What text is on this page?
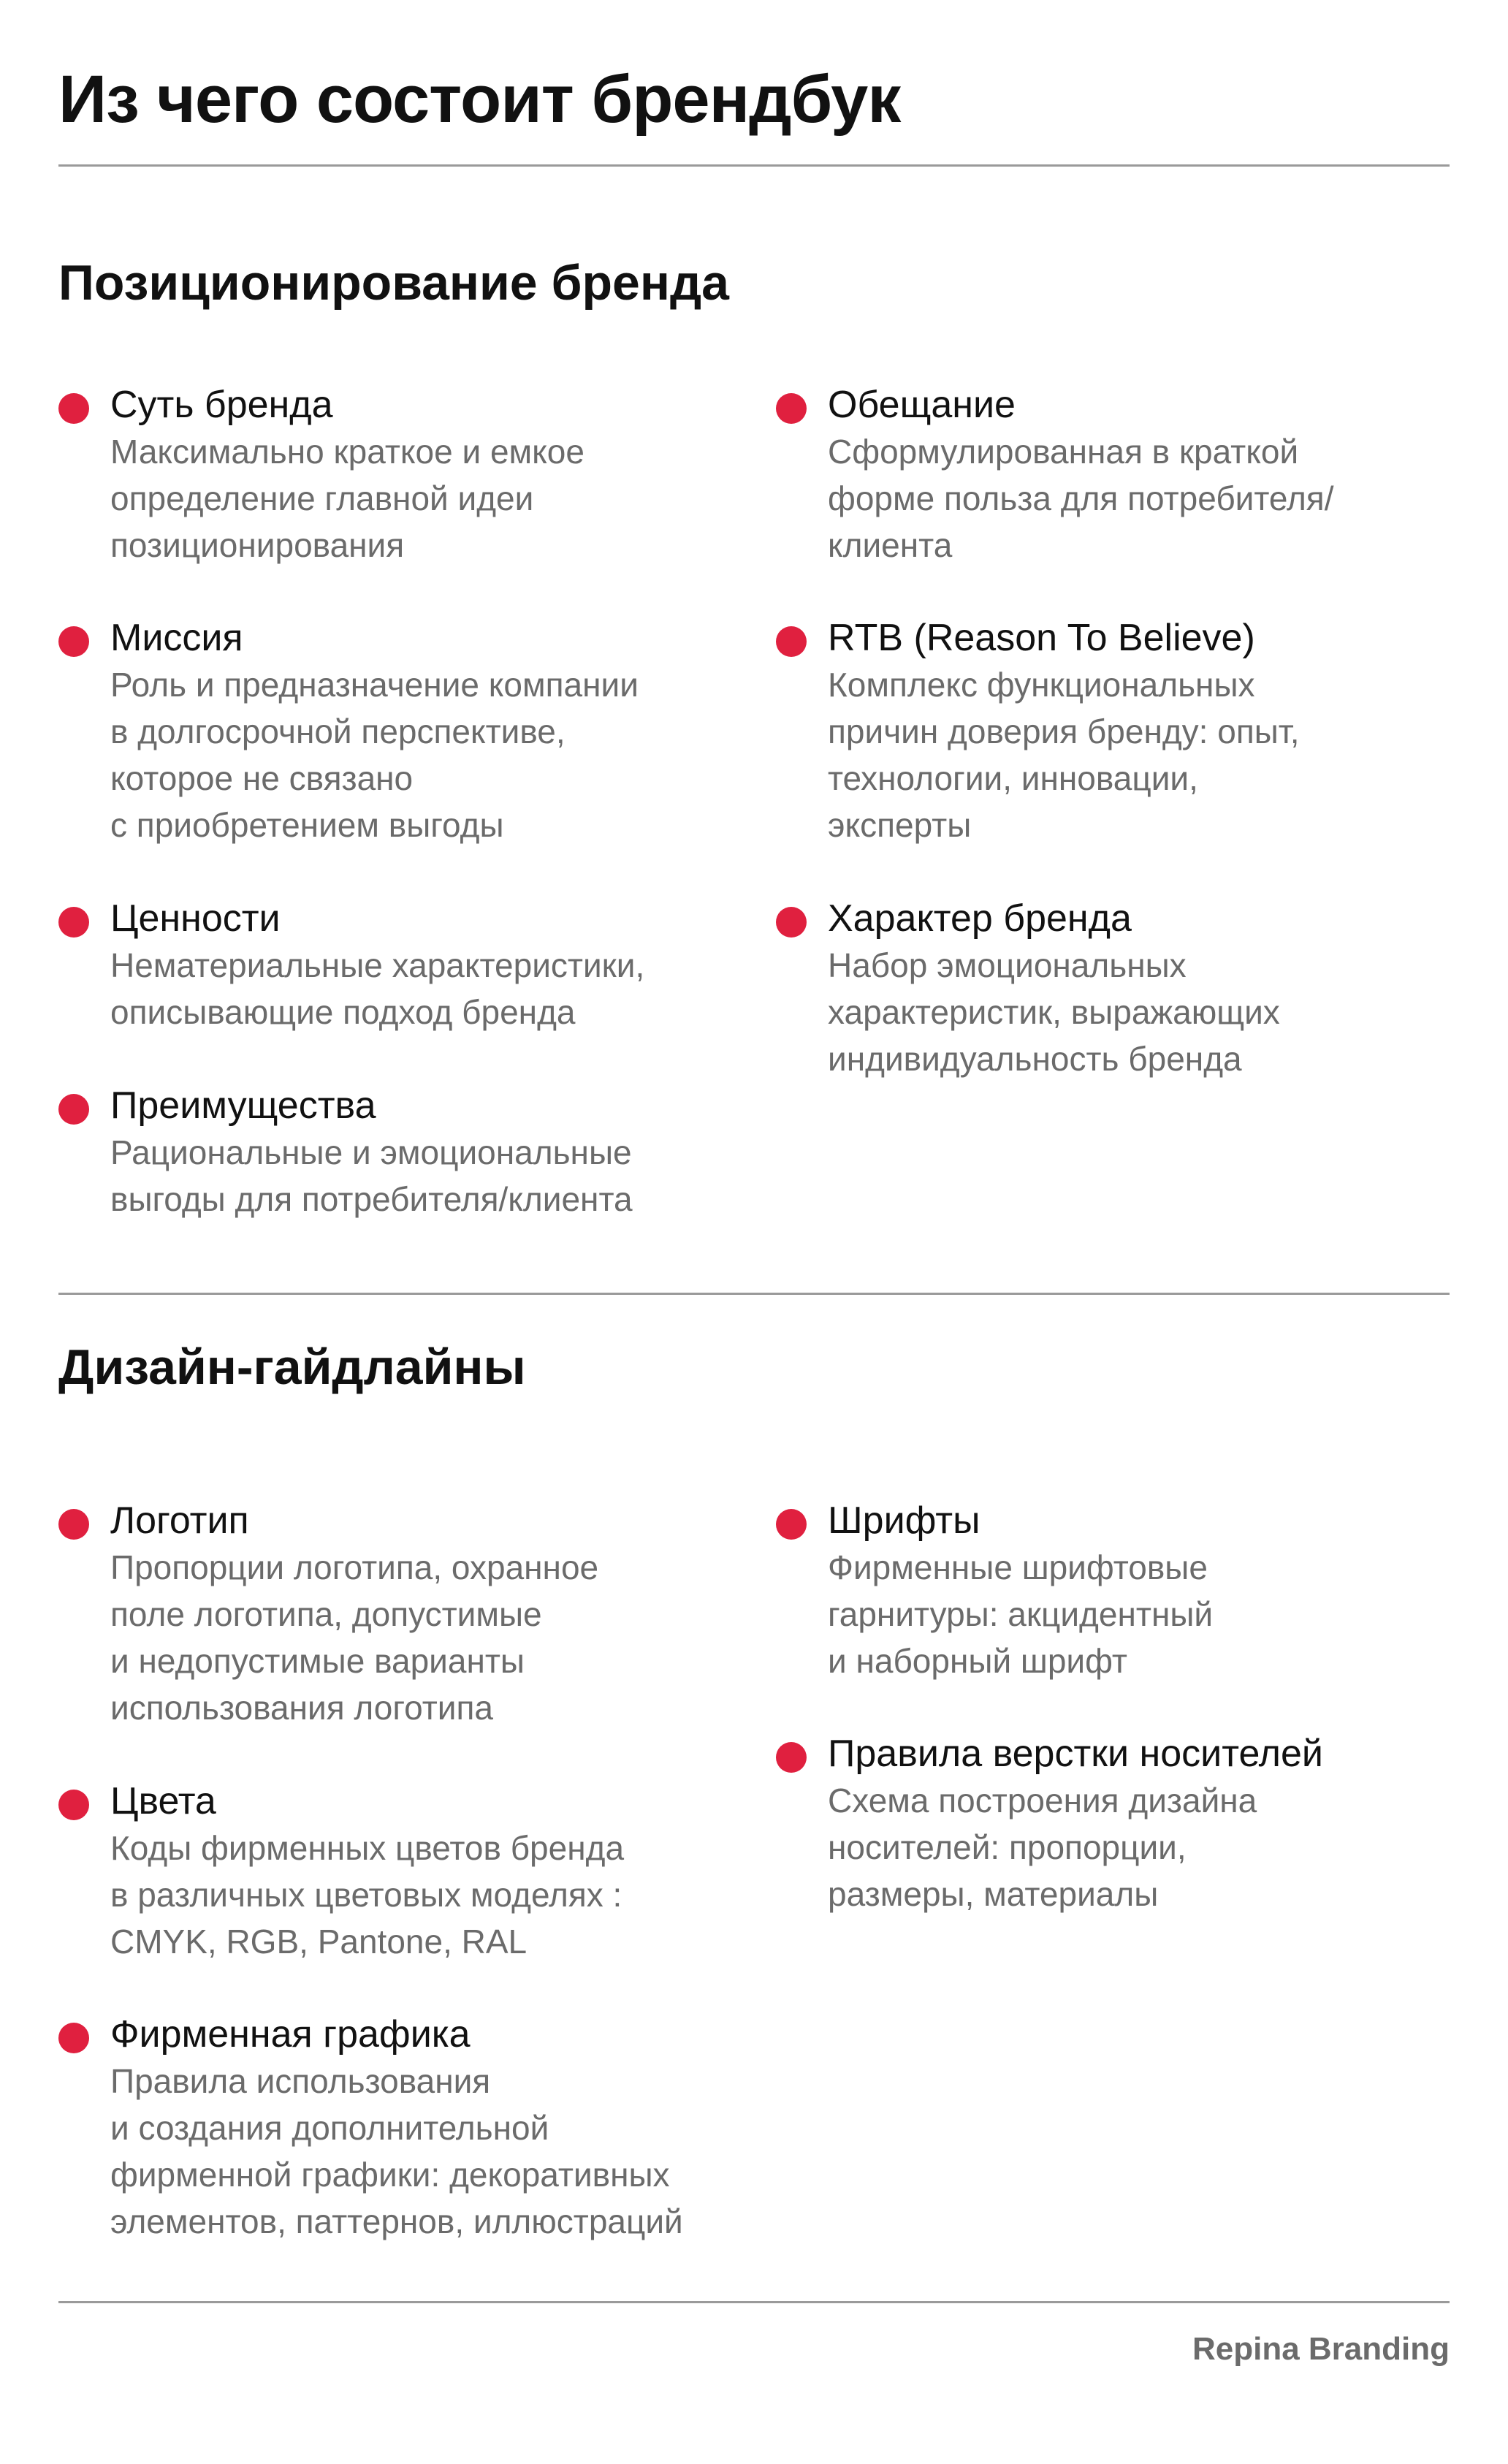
Из чего состоит брендбук
Позиционирование бренда
Суть бренда
Максимально краткое и емкое
определение главной идеи
позиционирования
Миссия
Роль и предназначение компании
в долгосрочной перспективе,
которое не связано
с приобретением выгоды
Ценности
Нематериальные характеристики,
описывающие подход бренда
Преимущества
Рациональные и эмоциональные
выгоды для потребителя/клиента
Обещание
Сформулированная в краткой
форме польза для потребителя/
клиента
RTB (Reason To Believe)
Комплекс функциональных
причин доверия бренду: опыт,
технологии, инновации,
эксперты
Характер бренда
Набор эмоциональных
характеристик, выражающих
индивидуальность бренда
Дизайн-гайдлайны
Логотип
Пропорции логотипа, охранное
поле логотипа, допустимые
и недопустимые варианты
использования логотипа
Цвета
Коды фирменных цветов бренда
в различных цветовых моделях :
CMYK, RGB, Pantone, RAL
Фирменная графика
Правила использования
и создания дополнительной
фирменной графики: декоративных
элементов, паттернов, иллюстраций
Шрифты
Фирменные шрифтовые
гарнитуры: акцидентный
и наборный шрифт
Правила верстки носителей
Схема построения дизайна
носителей: пропорции,
размеры, материалы
Repina Branding
